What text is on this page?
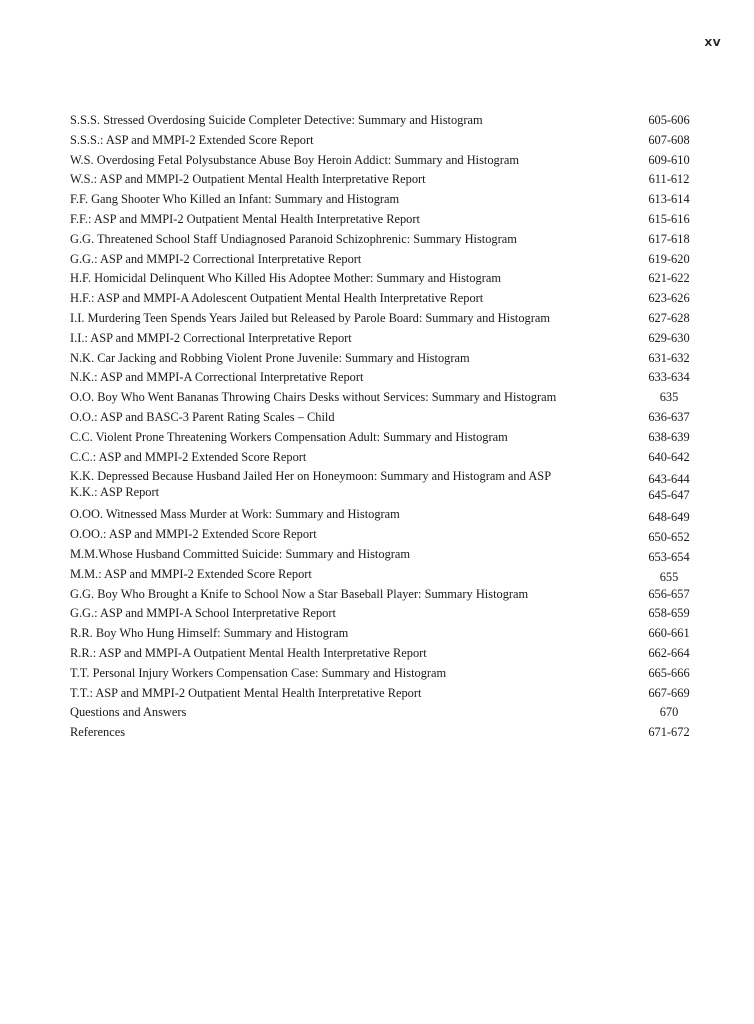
XV
S.S.S. Stressed Overdosing Suicide Completer Detective: Summary and Histogram	605-606
S.S.S.: ASP and MMPI-2 Extended Score Report	607-608
W.S. Overdosing Fetal Polysubstance Abuse Boy Heroin Addict: Summary and Histogram	609-610
W.S.: ASP and MMPI-2 Outpatient Mental Health Interpretative Report	611-612
F.F. Gang Shooter Who Killed an Infant: Summary and Histogram	613-614
F.F.: ASP and MMPI-2 Outpatient Mental Health Interpretative Report	615-616
G.G. Threatened School Staff Undiagnosed Paranoid Schizophrenic: Summary Histogram	617-618
G.G.: ASP and MMPI-2 Correctional Interpretative Report	619-620
H.F. Homicidal Delinquent Who Killed His Adoptee Mother: Summary and Histogram	621-622
H.F.: ASP and MMPI-A Adolescent Outpatient Mental Health Interpretative Report	623-626
I.I. Murdering Teen Spends Years Jailed but Released by Parole Board: Summary and Histogram	627-628
I.I.: ASP and MMPI-2 Correctional Interpretative Report	629-630
N.K. Car Jacking and Robbing Violent Prone Juvenile: Summary and Histogram	631-632
N.K.: ASP and MMPI-A Correctional Interpretative Report	633-634
O.O. Boy Who Went Bananas Throwing Chairs Desks without Services: Summary and Histogram	635
O.O.: ASP and BASC-3 Parent Rating Scales – Child	636-637
C.C. Violent Prone Threatening Workers Compensation Adult: Summary and Histogram	638-639
C.C.: ASP and MMPI-2 Extended Score Report	640-642
K.K. Depressed Because Husband Jailed Her on Honeymoon: Summary and Histogram and ASP	643-644
K.K.: ASP Report	645-647
O.OO. Witnessed Mass Murder at Work: Summary and Histogram	648-649
O.OO.: ASP and MMPI-2 Extended Score Report	650-652
M.M.Whose Husband Committed Suicide: Summary and Histogram	653-654
M.M.: ASP and MMPI-2 Extended Score Report	655
G.G. Boy Who Brought a Knife to School Now a Star Baseball Player: Summary Histogram	656-657
G.G.: ASP and MMPI-A School Interpretative Report	658-659
R.R. Boy Who Hung Himself: Summary and Histogram	660-661
R.R.: ASP and MMPI-A Outpatient Mental Health Interpretative Report	662-664
T.T. Personal Injury Workers Compensation Case: Summary and Histogram	665-666
T.T.: ASP and MMPI-2 Outpatient Mental Health Interpretative Report	667-669
Questions and Answers	670
References	671-672
